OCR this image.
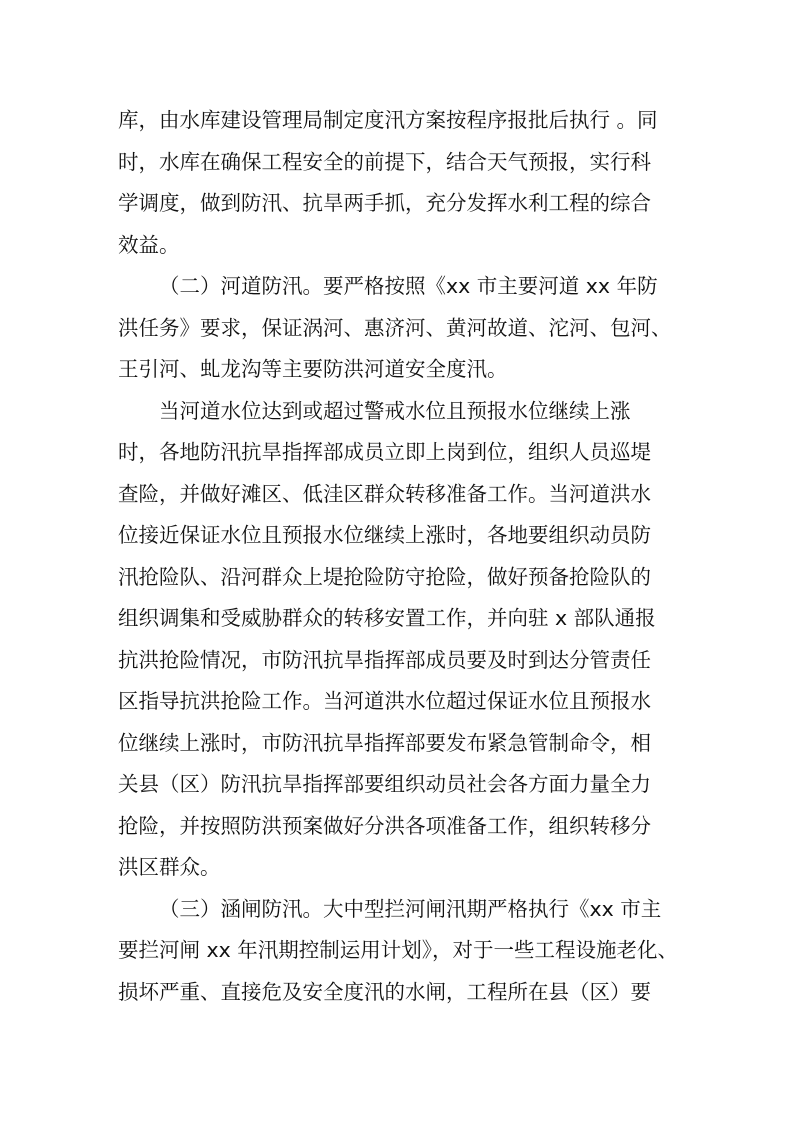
库，由水库建设管理局制定度汛方案按程序报批后执行 。同
时，水库在确保工程安全的前提下，结合天气预报，实行科
学调度，做到防汛、抗旱两手抓，充分发挥水利工程的综合
效益。
（二）河道防汛。要严格按照《xx 市主要河道 xx 年防
洪任务》要求，保证涡河、惠济河、黄河故道、沱河、包河、
王引河、虬龙沟等主要防洪河道安全度汛。
当河道水位达到或超过警戒水位且预报水位继续上涨
时，各地防汛抗旱指挥部成员立即上岗到位，组织人员巡堤
查险，并做好滩区、低洼区群众转移准备工作。当河道洪水
位接近保证水位且预报水位继续上涨时，各地要组织动员防
汛抢险队、沿河群众上堤抢险防守抢险，做好预备抢险队的
组织调集和受威胁群众的转移安置工作，并向驻 x 部队通报
抗洪抢险情况，市防汛抗旱指挥部成员要及时到达分管责任
区指导抗洪抢险工作。当河道洪水位超过保证水位且预报水
位继续上涨时，市防汛抗旱指挥部要发布紧急管制命令，相
关县（区）防汛抗旱指挥部要组织动员社会各方面力量全力
抢险，并按照防洪预案做好分洪各项准备工作，组织转移分
洪区群众。
（三）涵闸防汛。大中型拦河闸汛期严格执行《xx 市主
要拦河闸 xx 年汛期控制运用计划》，对于一些工程设施老化、
损坏严重、直接危及安全度汛的水闸，工程所在县（区）要
